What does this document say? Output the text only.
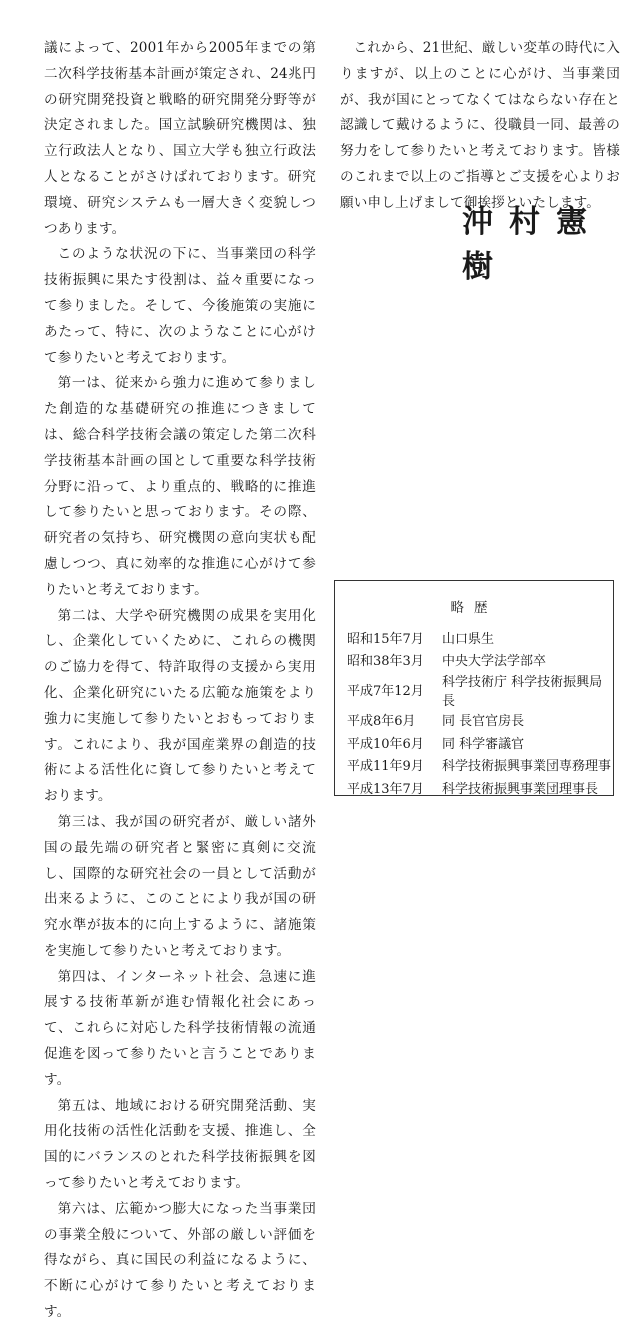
議によって、2001年から2005年までの第二次科学技術基本計画が策定され、24兆円の研究開発投資と戦略的研究開発分野等が決定されました。国立試験研究機関は、独立行政法人となり、国立大学も独立行政法人となることがさけばれております。研究環境、研究システムも一層大きく変貌しつつあります。

このような状況の下に、当事業団の科学技術振興に果たす役割は、益々重要になって参りました。そして、今後施策の実施にあたって、特に、次のようなことに心がけて参りたいと考えております。

第一は、従来から強力に進めて参りました創造的な基礎研究の推進につきましては、総合科学技術会議の策定した第二次科学技術基本計画の国として重要な科学技術分野に沿って、より重点的、戦略的に推進して参りたいと思っております。その際、研究者の気持ち、研究機関の意向実状も配慮しつつ、真に効率的な推進に心がけて参りたいと考えております。

第二は、大学や研究機関の成果を実用化し、企業化していくために、これらの機関のご協力を得て、特許取得の支援から実用化、企業化研究にいたる広範な施策をより強力に実施して参りたいとおもっております。これにより、我が国産業界の創造的技術による活性化に資して参りたいと考えております。

第三は、我が国の研究者が、厳しい諸外国の最先端の研究者と緊密に真剣に交流し、国際的な研究社会の一員として活動が出来るように、このことにより我が国の研究水準が抜本的に向上するように、諸施策を実施して参りたいと考えております。

第四は、インターネット社会、急速に進展する技術革新が進む情報化社会にあって、これらに対応した科学技術情報の流通促進を図って参りたいと言うことであります。

第五は、地域における研究開発活動、実用化技術の活性化活動を支援、推進し、全国的にバランスのとれた科学技術振興を図って参りたいと考えております。

第六は、広範かつ膨大になった当事業団の事業全般について、外部の厳しい評価を得ながら、真に国民の利益になるように、不断に心がけて参りたいと考えております。

これから、21世紀、厳しい変革の時代に入りますが、以上のことに心がけ、当事業団が、我が国にとってなくてはならない存在と認識して戴けるように、役職員一同、最善の努力をして参りたいと考えております。皆様のこれまで以上のご指導とご支援を心よりお願い申し上げまして御挨拶といたします。

沖村憲樹
略歴
昭和15年7月	山口県生
昭和38年3月	中央大学法学部卒
平成7年12月	科学技術庁 科学技術振興局長
平成8年6月	同 長官官房長
平成10年6月	同 科学審議官
平成11年9月	科学技術振興事業団専務理事
平成13年7月	科学技術振興事業団理事長
